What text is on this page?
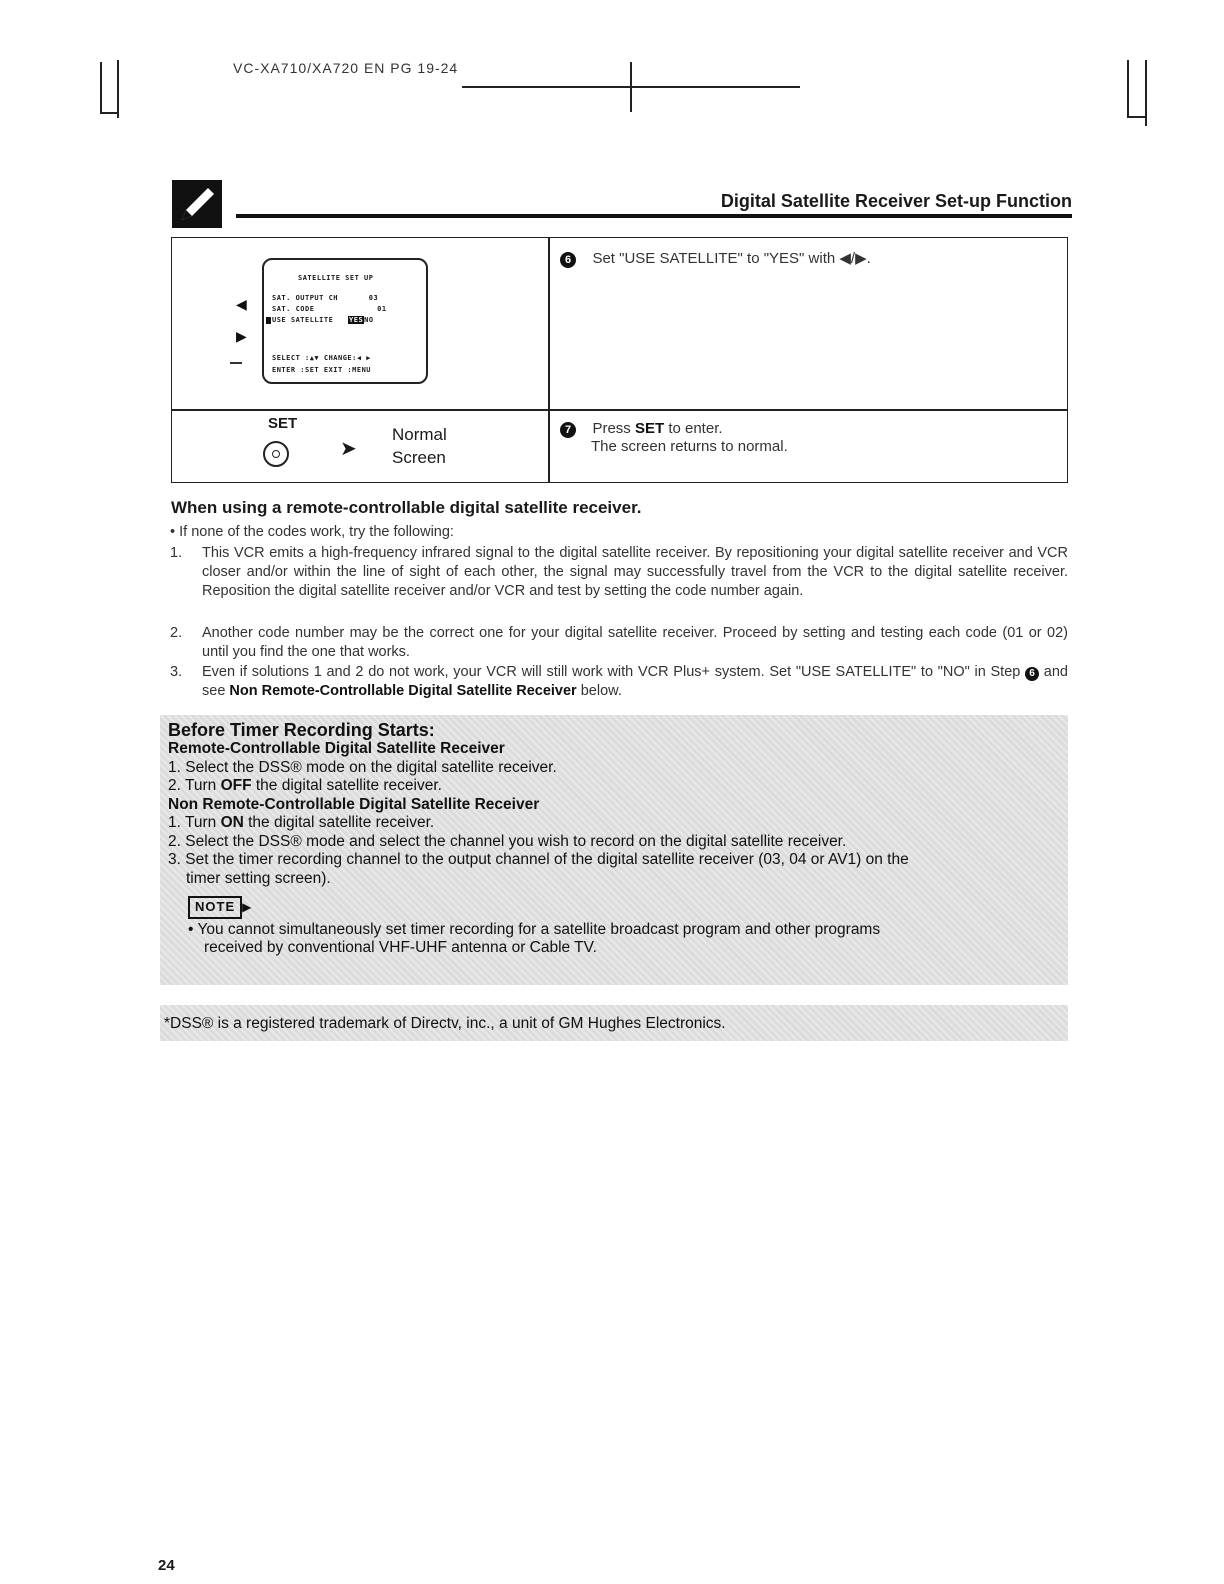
VC-XA710/XA720 EN PG 19-24
Digital Satellite Receiver Set-up Function
◀
▶
SATELLITE SET UP
SAT. OUTPUT CH	03
SAT. CODE	01
USE SATELLITE YESNO
SELECT :▲▼ CHANGE:◀ ▶
ENTER :SET EXIT :MENU
6 Set "USE SATELLITE" to "YES" with ◀/▶.
SET
➤
Normal
Screen
7 Press SET to enter.
The screen returns to normal.
When using a remote-controllable digital satellite receiver.
• If none of the codes work, try the following:
1. This VCR emits a high-frequency infrared signal to the digital satellite receiver. By repositioning your digital satellite receiver and VCR closer and/or within the line of sight of each other, the signal may successfully travel from the VCR to the digital satellite receiver. Reposition the digital satellite receiver and/or VCR and test by setting the code number again.
2. Another code number may be the correct one for your digital satellite receiver. Proceed by setting and testing each code (01 or 02) until you find the one that works.
3. Even if solutions 1 and 2 do not work, your VCR will still work with VCR Plus+ system. Set "USE SATELLITE" to "NO" in Step 6 and see Non Remote-Controllable Digital Satellite Receiver below.
Before Timer Recording Starts:
Remote-Controllable Digital Satellite Receiver
1. Select the DSS® mode on the digital satellite receiver.
2. Turn OFF the digital satellite receiver.
Non Remote-Controllable Digital Satellite Receiver
1. Turn ON the digital satellite receiver.
2. Select the DSS® mode and select the channel you wish to record on the digital satellite receiver.
3. Set the timer recording channel to the output channel of the digital satellite receiver (03, 04 or AV1) on the
timer setting screen).
NOTE ▶
• You cannot simultaneously set timer recording for a satellite broadcast program and other programs
received by conventional VHF-UHF antenna or Cable TV.
*DSS® is a registered trademark of Directv, inc., a unit of GM Hughes Electronics.
24
